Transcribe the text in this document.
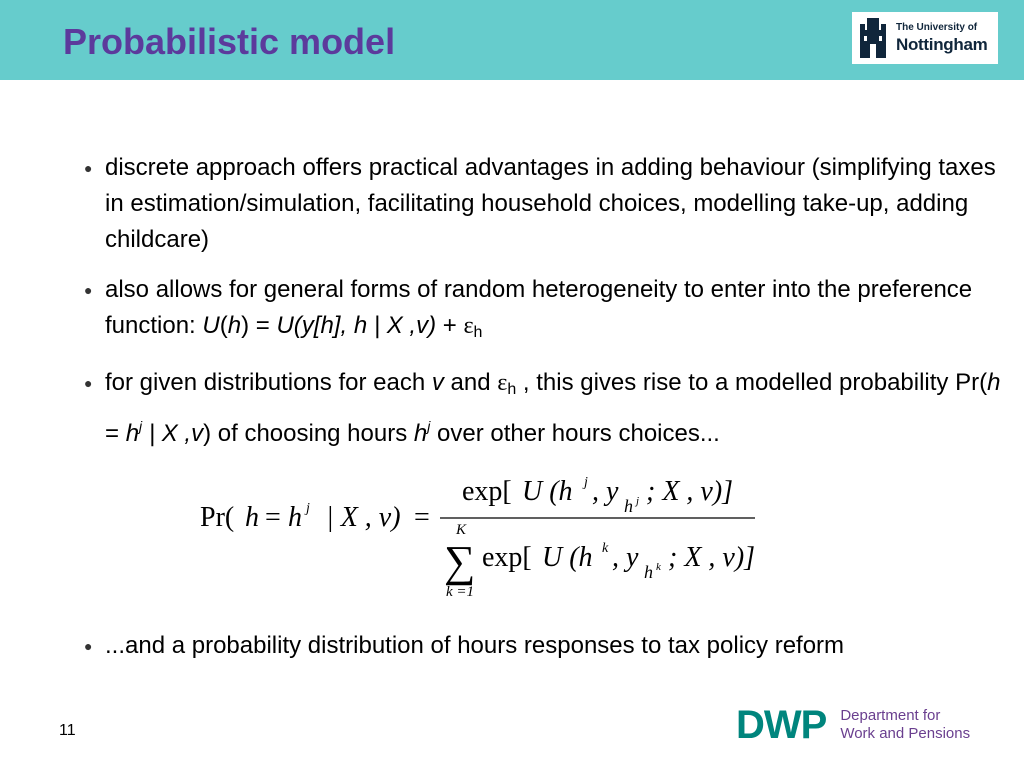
Probabilistic model	The University of
Nottingham
● discrete approach offers practical advantages in adding behaviour (simplifying taxes in estimation/simulation, facilitating household choices, modelling take-up, adding childcare)
● also allows for general forms of random heterogeneity to enter into the preference function: U(h) = U(y[h], h | X $,v) + \varepsilon_h$
● for given distributions for each v and $\varepsilon_h$ , this gives rise to a modelled probability $Pr(h = h^j$ | X ,v) of choosing hours $h^j$ over other hours choices...
Pr( h = h j | X , v) =
exp[ U (h j , y h j ; X , v)]
K
∑
k =1
exp[ U (h k , y h k ; X , v)]
● ...and a probability distribution of hours responses to tax policy reform
11	DWP Department for
Work and Pensions
